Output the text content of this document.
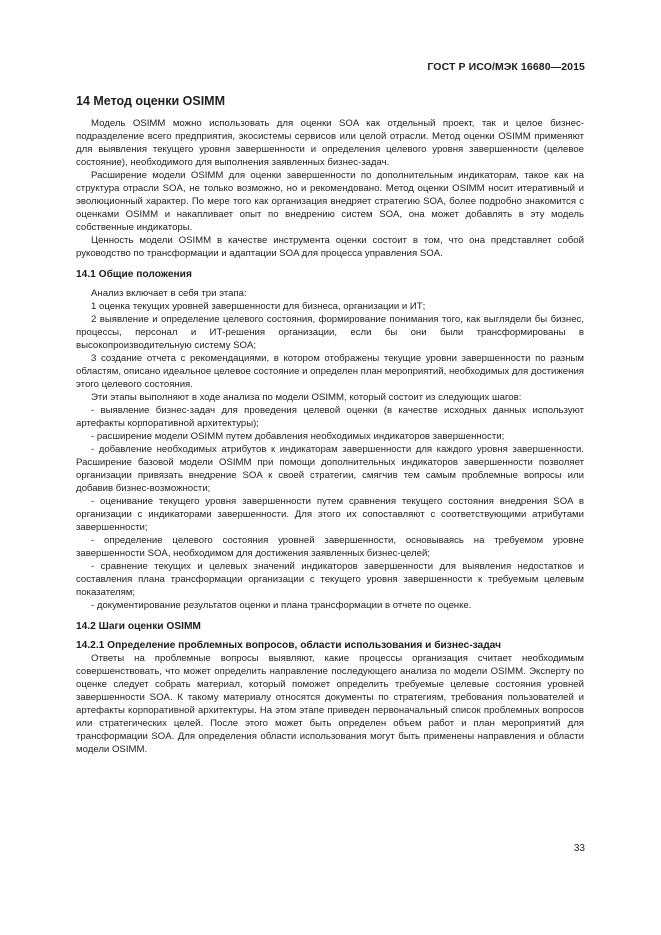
ГОСТ Р ИСО/МЭК 16680—2015
14 Метод оценки OSIMM

Модель OSIMM можно использовать для оценки SOA как отдельный проект, так и целое бизнес-подразделение всего предприятия, экосистемы сервисов или целой отрасли. Метод оценки OSIMM применяют для выявления текущего уровня завершенности и определения целевого уровня завершенности (целевое состояние), необходимого для выполнения заявленных бизнес-задач.

Расширение модели OSIMM для оценки завершенности по дополнительным индикаторам, такое как на структура отрасли SOA, не только возможно, но и рекомендовано. Метод оценки OSIMM носит итеративный и эволюционный характер. По мере того как организация внедряет стратегию SOA, более подробно знакомится с оценками OSIMM и накапливает опыт по внедрению систем SOA, она может добавлять в эту модель собственные индикаторы.

Ценность модели OSIMM в качестве инструмента оценки состоит в том, что она представляет собой руководство по трансформации и адаптации SOA для процесса управления SOA.

14.1 Общие положения

Анализ включает в себя три этапа:

1 оценка текущих уровней завершенности для бизнеса, организации и ИТ;

2 выявление и определение целевого состояния, формирование понимания того, как выглядели бы бизнес, процессы, персонал и ИТ-решения организации, если бы они были трансформированы в высокопроизводительную систему SOA;

3 создание отчета с рекомендациями, в котором отображены текущие уровни завершенности по разным областям, описано идеальное целевое состояние и определен план мероприятий, необходимых для достижения этого целевого состояния.

Эти этапы выполняют в ходе анализа по модели OSIMM, который состоит из следующих шагов:

- выявление бизнес-задач для проведения целевой оценки (в качестве исходных данных используют артефакты корпоративной архитектуры);

- расширение модели OSIMM путем добавления необходимых индикаторов завершенности;

- добавление необходимых атрибутов к индикаторам завершенности для каждого уровня завершенности. Расширение базовой модели OSIMM при помощи дополнительных индикаторов завершенности позволяет организации привязать внедрение SOA к своей стратегии, смягчив тем самым проблемные вопросы или добавив бизнес-возможности;

- оценивание текущего уровня завершенности путем сравнения текущего состояния внедрения SOA в организации с индикаторами завершенности. Для этого их сопоставляют с соответствующими атрибутами завершенности;

- определение целевого состояния уровней завершенности, основываясь на требуемом уровне завершенности SOA, необходимом для достижения заявленных бизнес-целей;

- сравнение текущих и целевых значений индикаторов завершенности для выявления недостатков и составления плана трансформации организации с текущего уровня завершенности к требуемым целевым показателям;

- документирование результатов оценки и плана трансформации в отчете по оценке.

14.2 Шаги оценки OSIMM
14.2.1 Определение проблемных вопросов, области использования и бизнес-задач

Ответы на проблемные вопросы выявляют, какие процессы организация считает необходимым совершенствовать, что может определить направление последующего анализа по модели OSIMM. Эксперту по оценке следует собрать материал, который поможет определить требуемые целевые состояния уровней завершенности SOA. К такому материалу относятся документы по стратегиям, требования пользователей и артефакты корпоративной архитектуры. На этом этапе приведен первоначальный список проблемных вопросов или стратегических целей. После этого может быть определен объем работ и план мероприятий для трансформации SOA. Для определения области использования могут быть применены направления и области модели OSIMM.

33
